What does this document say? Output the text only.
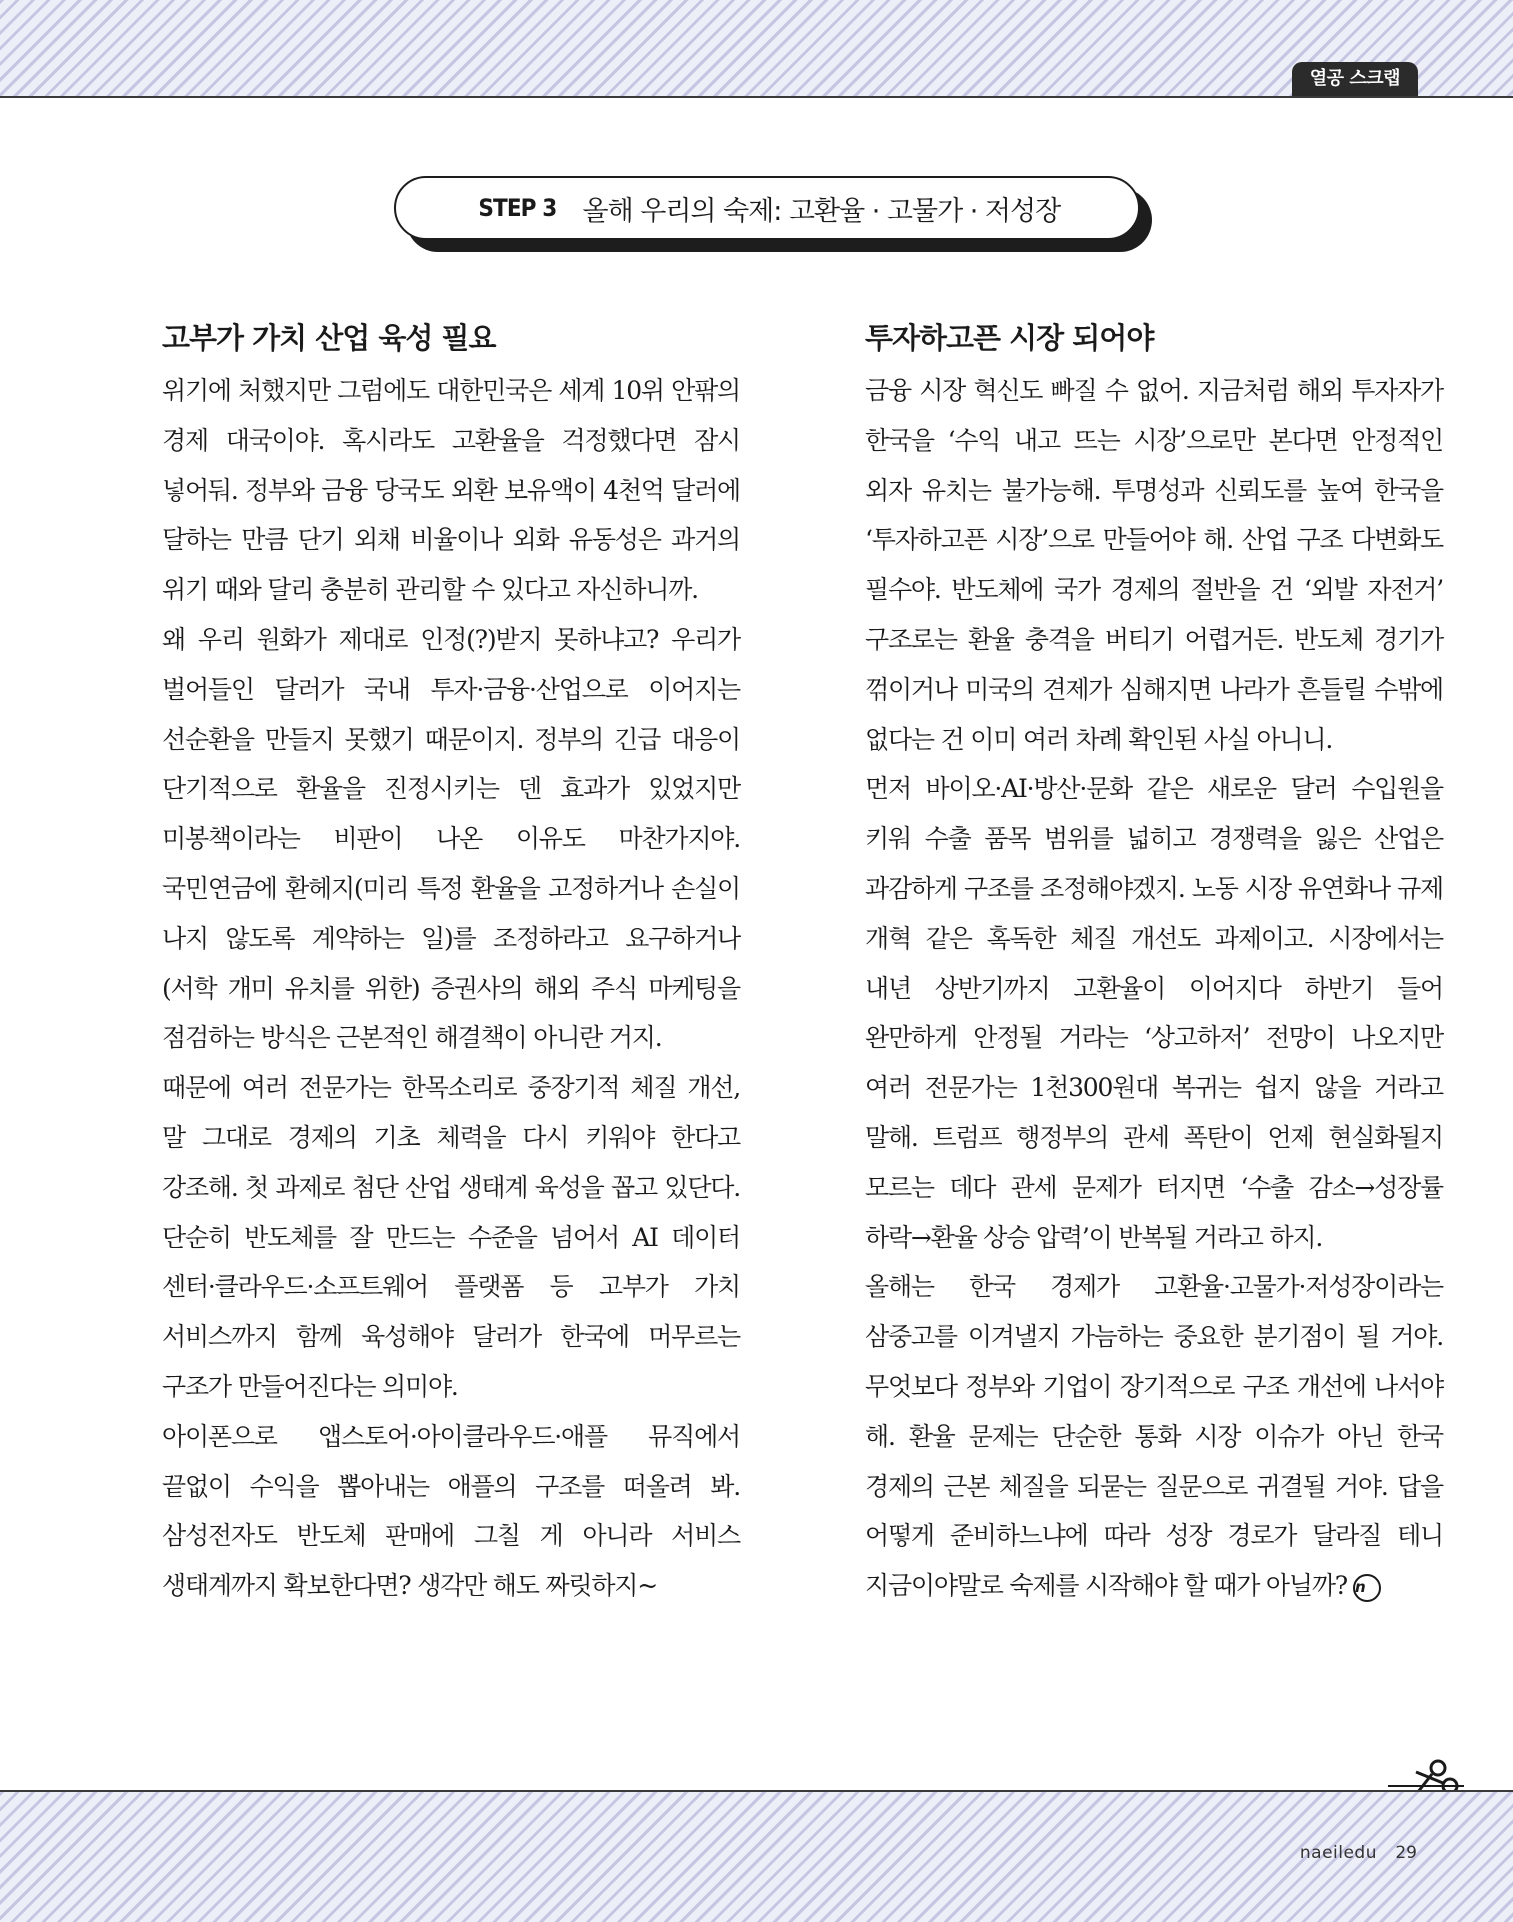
열공 스크랩
STEP 3 올해 우리의 숙제: 고환율 · 고물가 · 저성장
고부가 가치 산업 육성 필요

위기에 처했지만 그럼에도 대한민국은 세계 10위 안팎의 경제 대국이야. 혹시라도 고환율을 걱정했다면 잠시 넣어둬. 정부와 금융 당국도 외환 보유액이 4천억 달러에 달하는 만큼 단기 외채 비율이나 외화 유동성은 과거의 위기 때와 달리 충분히 관리할 수 있다고 자신하니까.

왜 우리 원화가 제대로 인정(?)받지 못하냐고? 우리가 벌어들인 달러가 국내 투자·금융·산업으로 이어지는 선순환을 만들지 못했기 때문이지. 정부의 긴급 대응이 단기적으로 환율을 진정시키는 덴 효과가 있었지만 미봉책이라는 비판이 나온 이유도 마찬가지야. 국민연금에 환헤지(미리 특정 환율을 고정하거나 손실이 나지 않도록 계약하는 일)를 조정하라고 요구하거나 (서학 개미 유치를 위한) 증권사의 해외 주식 마케팅을 점검하는 방식은 근본적인 해결책이 아니란 거지.

때문에 여러 전문가는 한목소리로 중장기적 체질 개선, 말 그대로 경제의 기초 체력을 다시 키워야 한다고 강조해. 첫 과제로 첨단 산업 생태계 육성을 꼽고 있단다. 단순히 반도체를 잘 만드는 수준을 넘어서 AI 데이터 센터·클라우드·소프트웨어 플랫폼 등 고부가 가치 서비스까지 함께 육성해야 달러가 한국에 머무르는 구조가 만들어진다는 의미야.

아이폰으로 앱스토어·아이클라우드·애플 뮤직에서 끝없이 수익을 뽑아내는 애플의 구조를 떠올려 봐. 삼성전자도 반도체 판매에 그칠 게 아니라 서비스 생태계까지 확보한다면? 생각만 해도 짜릿하지~

투자하고픈 시장 되어야

금융 시장 혁신도 빠질 수 없어. 지금처럼 해외 투자자가 한국을 ‘수익 내고 뜨는 시장’으로만 본다면 안정적인 외자 유치는 불가능해. 투명성과 신뢰도를 높여 한국을 ‘투자하고픈 시장’으로 만들어야 해. 산업 구조 다변화도 필수야. 반도체에 국가 경제의 절반을 건 ‘외발 자전거’ 구조로는 환율 충격을 버티기 어렵거든. 반도체 경기가 꺾이거나 미국의 견제가 심해지면 나라가 흔들릴 수밖에 없다는 건 이미 여러 차례 확인된 사실 아니니.

먼저 바이오·AI·방산·문화 같은 새로운 달러 수입원을 키워 수출 품목 범위를 넓히고 경쟁력을 잃은 산업은 과감하게 구조를 조정해야겠지. 노동 시장 유연화나 규제 개혁 같은 혹독한 체질 개선도 과제이고. 시장에서는 내년 상반기까지 고환율이 이어지다 하반기 들어 완만하게 안정될 거라는 ‘상고하저’ 전망이 나오지만 여러 전문가는 1천300원대 복귀는 쉽지 않을 거라고 말해. 트럼프 행정부의 관세 폭탄이 언제 현실화될지 모르는 데다 관세 문제가 터지면 ‘수출 감소→성장률 하락→환율 상승 압력’이 반복될 거라고 하지.

올해는 한국 경제가 고환율·고물가·저성장이라는 삼중고를 이겨낼지 가늠하는 중요한 분기점이 될 거야. 무엇보다 정부와 기업이 장기적으로 구조 개선에 나서야 해. 환율 문제는 단순한 통화 시장 이슈가 아닌 한국 경제의 근본 체질을 되묻는 질문으로 귀결될 거야. 답을 어떻게 준비하느냐에 따라 성장 경로가 달라질 테니 지금이야말로 숙제를 시작해야 할 때가 아닐까? n

naeiledu 29
